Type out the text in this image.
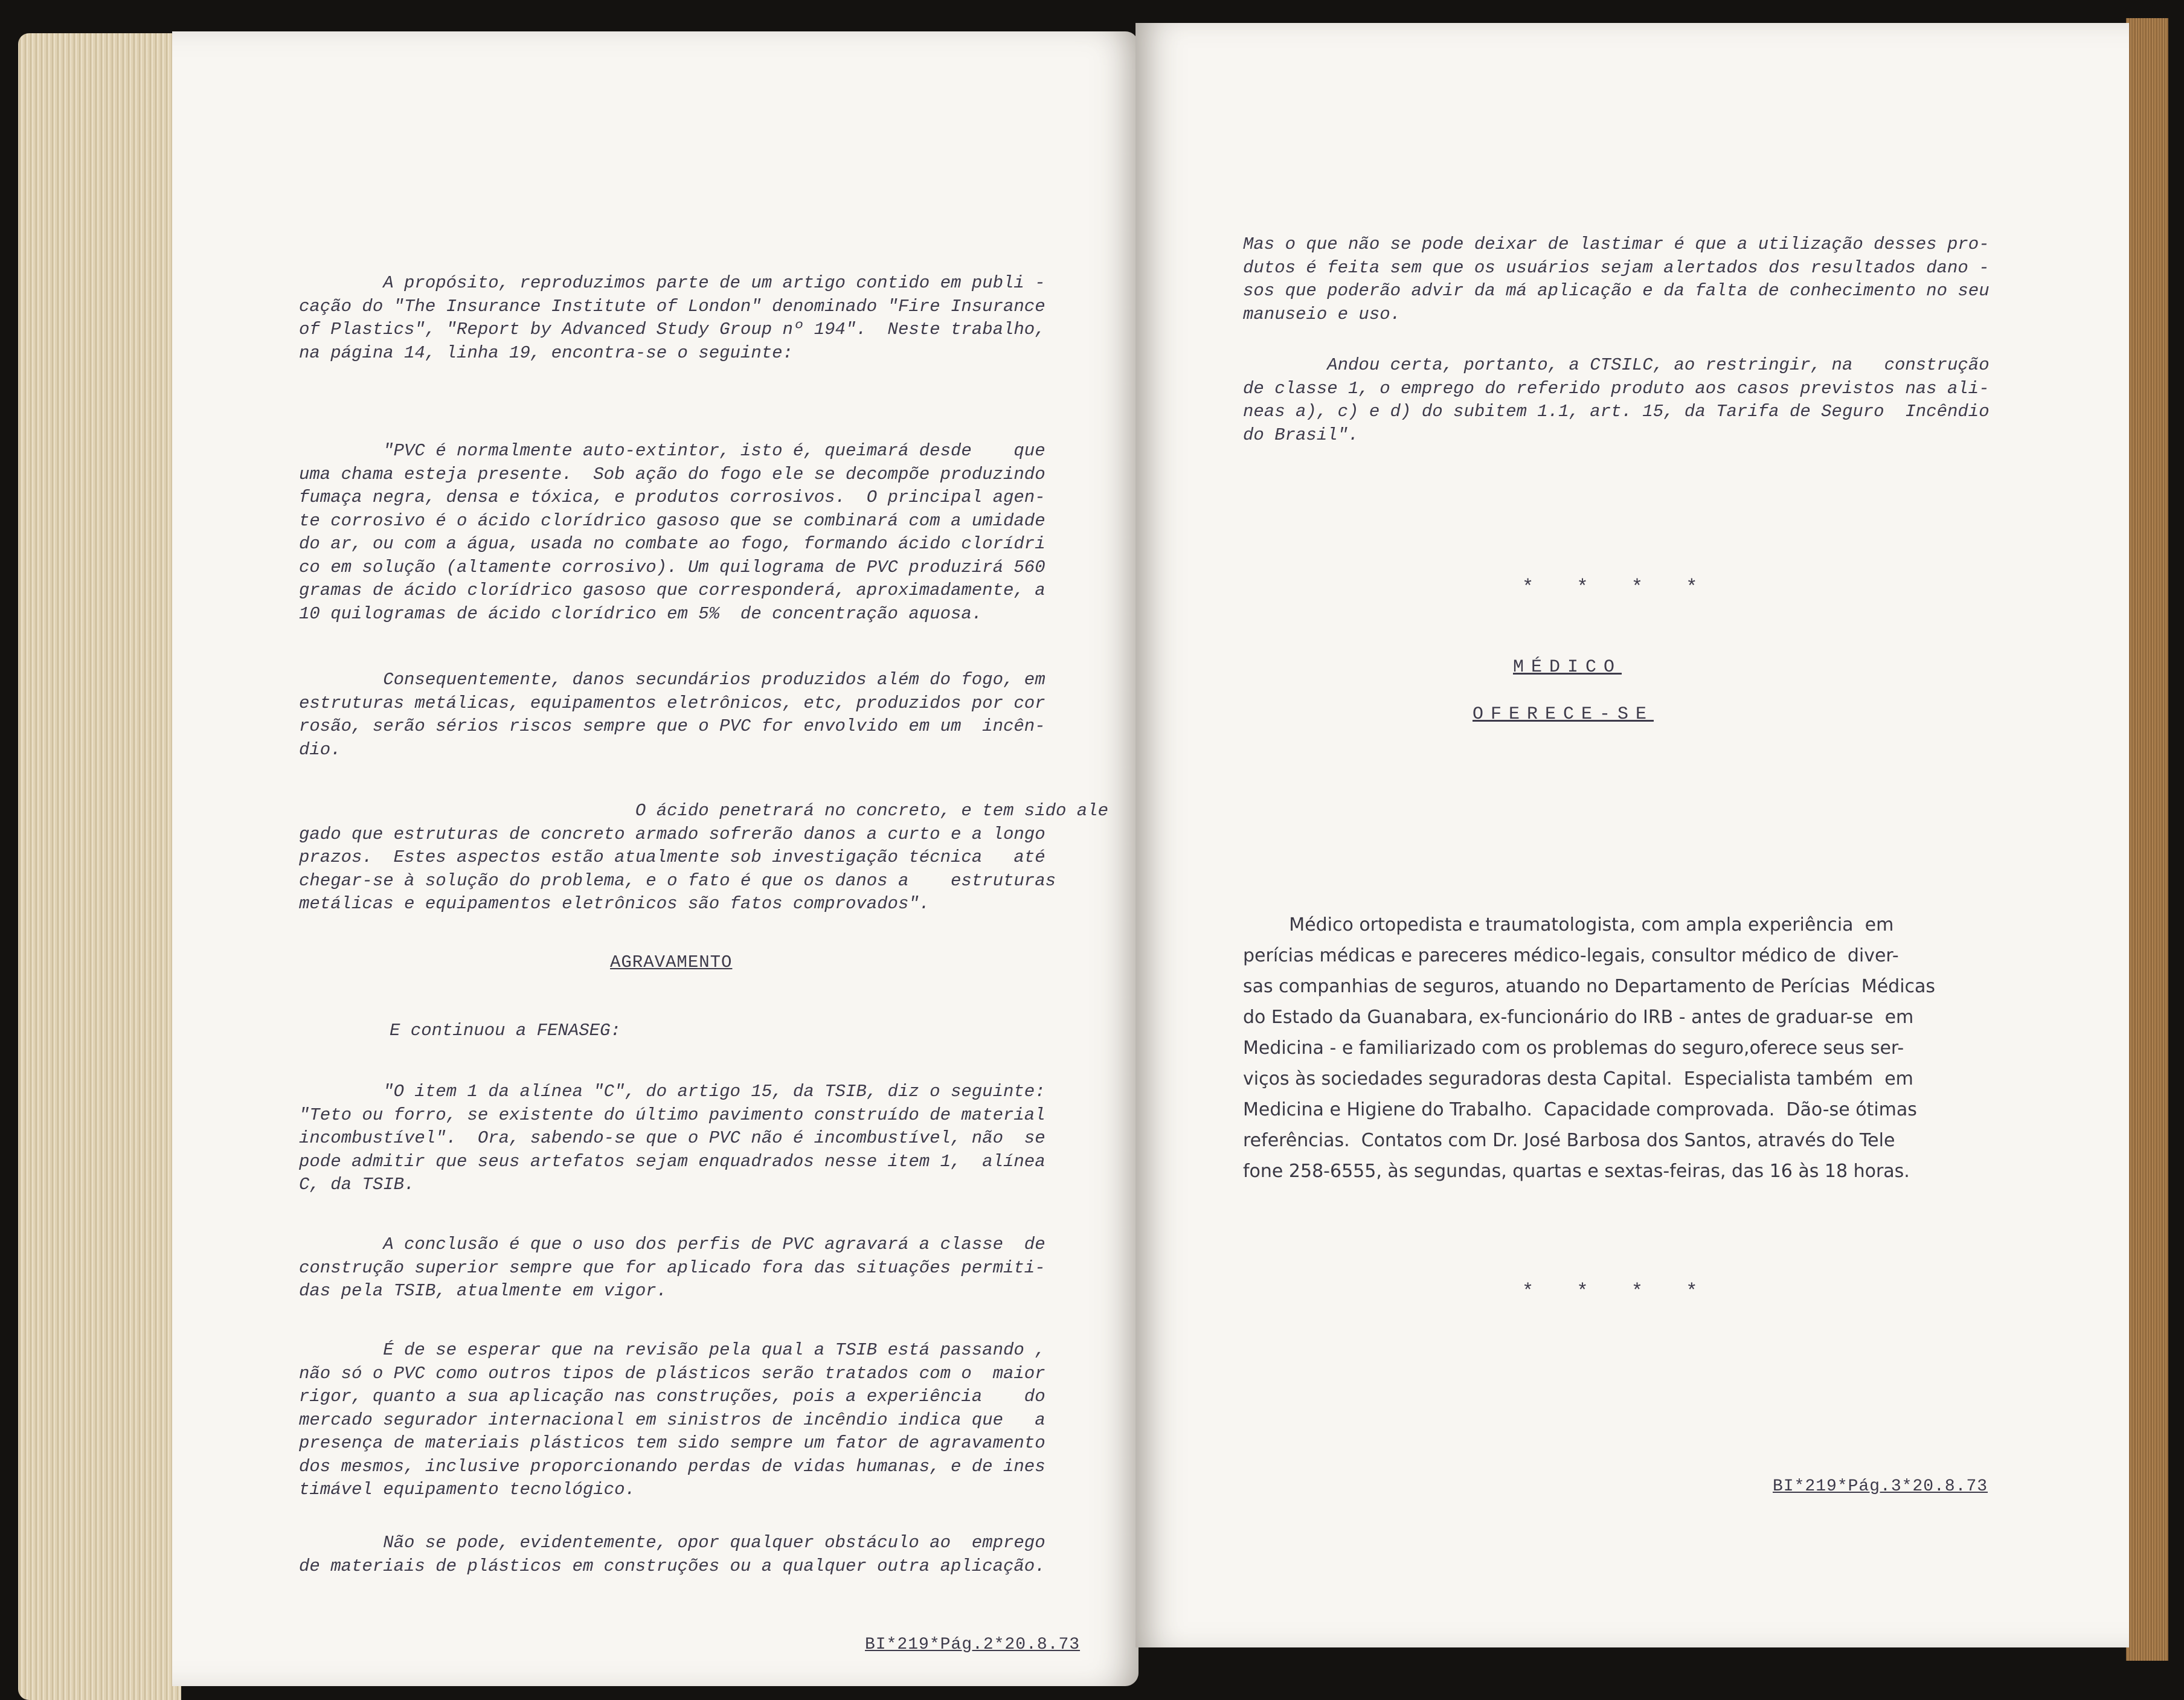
A propósito, reproduzimos parte de um artigo contido em publi -
cação do "The Insurance Institute of London" denominado "Fire Insurance
of Plastics", "Report by Advanced Study Group nº 194".  Neste trabalho,
na página 14, linha 19, encontra-se o seguinte:

"PVC é normalmente auto-extintor, isto é, queimará desde    que
uma chama esteja presente.  Sob ação do fogo ele se decompõe produzindo
fumaça negra, densa e tóxica, e produtos corrosivos.  O principal agen-
te corrosivo é o ácido clorídrico gasoso que se combinará com a umidade
do ar, ou com a água, usada no combate ao fogo, formando ácido clorídri
co em solução (altamente corrosivo). Um quilograma de PVC produzirá 560
gramas de ácido clorídrico gasoso que corresponderá, aproximadamente, a
10 quilogramas de ácido clorídrico em 5%  de concentração aquosa.

Consequentemente, danos secundários produzidos além do fogo, em
estruturas metálicas, equipamentos eletrônicos, etc, produzidos por cor
rosão, serão sérios riscos sempre que o PVC for envolvido em um  incên-
dio.

O ácido penetrará no concreto, e tem sido ale
gado que estruturas de concreto armado sofrerão danos a curto e a longo
prazos.  Estes aspectos estão atualmente sob investigação técnica   até
chegar-se à solução do problema, e o fato é que os danos a    estruturas
metálicas e equipamentos eletrônicos são fatos comprovados".

AGRAVAMENTO

E continuou a FENASEG:

"O item 1 da alínea "C", do artigo 15, da TSIB, diz o seguinte:
"Teto ou forro, se existente do último pavimento construído de material
incombustível".  Ora, sabendo-se que o PVC não é incombustível, não  se
pode admitir que seus artefatos sejam enquadrados nesse item 1,  alínea
C, da TSIB.

A conclusão é que o uso dos perfis de PVC agravará a classe  de
construção superior sempre que for aplicado fora das situações permiti-
das pela TSIB, atualmente em vigor.

É de se esperar que na revisão pela qual a TSIB está passando ,
não só o PVC como outros tipos de plásticos serão tratados com o  maior
rigor, quanto a sua aplicação nas construções, pois a experiência    do
mercado segurador internacional em sinistros de incêndio indica que   a
presença de materiais plásticos tem sido sempre um fator de agravamento
dos mesmos, inclusive proporcionando perdas de vidas humanas, e de ines
timável equipamento tecnológico.

Não se pode, evidentemente, opor qualquer obstáculo ao  emprego
de materiais de plásticos em construções ou a qualquer outra aplicação.

BI*219*Pág.2*20.8.73

Mas o que não se pode deixar de lastimar é que a utilização desses pro-
dutos é feita sem que os usuários sejam alertados dos resultados dano -
sos que poderão advir da má aplicação e da falta de conhecimento no seu
manuseio e uso.

Andou certa, portanto, a CTSILC, ao restringir, na   construção
de classe 1, o emprego do referido produto aos casos previstos nas ali-
neas a), c) e d) do subitem 1.1, art. 15, da Tarifa de Seguro  Incêndio
do Brasil".

* * * *

MÉDICO

OFERECE-SE

Médico ortopedista e traumatologista, com ampla experiência  em
perícias médicas e pareceres médico-legais, consultor médico de  diver-
sas companhias de seguros, atuando no Departamento de Perícias  Médicas
do Estado da Guanabara, ex-funcionário do IRB - antes de graduar-se  em
Medicina - e familiarizado com os problemas do seguro,oferece seus ser-
viços às sociedades seguradoras desta Capital.  Especialista também  em
Medicina e Higiene do Trabalho.  Capacidade comprovada.  Dão-se ótimas
referências.  Contatos com Dr. José Barbosa dos Santos, através do Tele
fone 258-6555, às segundas, quartas e sextas-feiras, das 16 às 18 horas.

* * * *

BI*219*Pág.3*20.8.73
